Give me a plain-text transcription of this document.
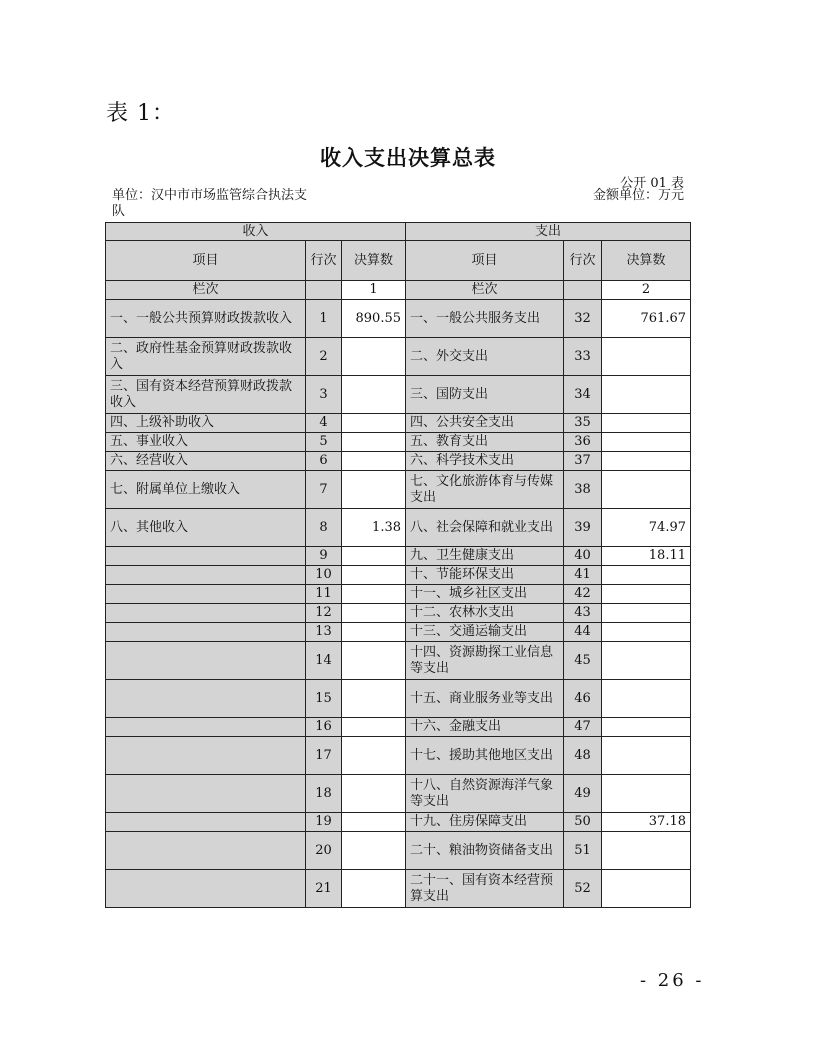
表 1：
收入支出决算总表
公开 01 表
单位：汉中市市场监管综合执法支队
金额单位：万元
收入			支出		
项目	行次	决算数	项目	行次	决算数
栏次		1	栏次		2
一、一般公共预算财政拨款收入	1	890.55	一、一般公共服务支出	32	761.67
二、政府性基金预算财政拨款收入	2		二、外交支出	33	
三、国有资本经营预算财政拨款收入	3		三、国防支出	34	
四、上级补助收入	4		四、公共安全支出	35	
五、事业收入	5		五、教育支出	36	
六、经营收入	6		六、科学技术支出	37	
七、附属单位上缴收入	7		七、文化旅游体育与传媒支出	38	
八、其他收入	8	1.38	八、社会保障和就业支出	39	74.97
	9		九、卫生健康支出	40	18.11
	10		十、节能环保支出	41	
	11		十一、城乡社区支出	42	
	12		十二、农林水支出	43	
	13		十三、交通运输支出	44	
	14		十四、资源勘探工业信息等支出	45	
	15		十五、商业服务业等支出	46	
	16		十六、金融支出	47	
	17		十七、援助其他地区支出	48	
	18		十八、自然资源海洋气象等支出	49	
	19		十九、住房保障支出	50	37.18
	20		二十、粮油物资储备支出	51	
	21		二十一、国有资本经营预算支出	52	
- 26 -
